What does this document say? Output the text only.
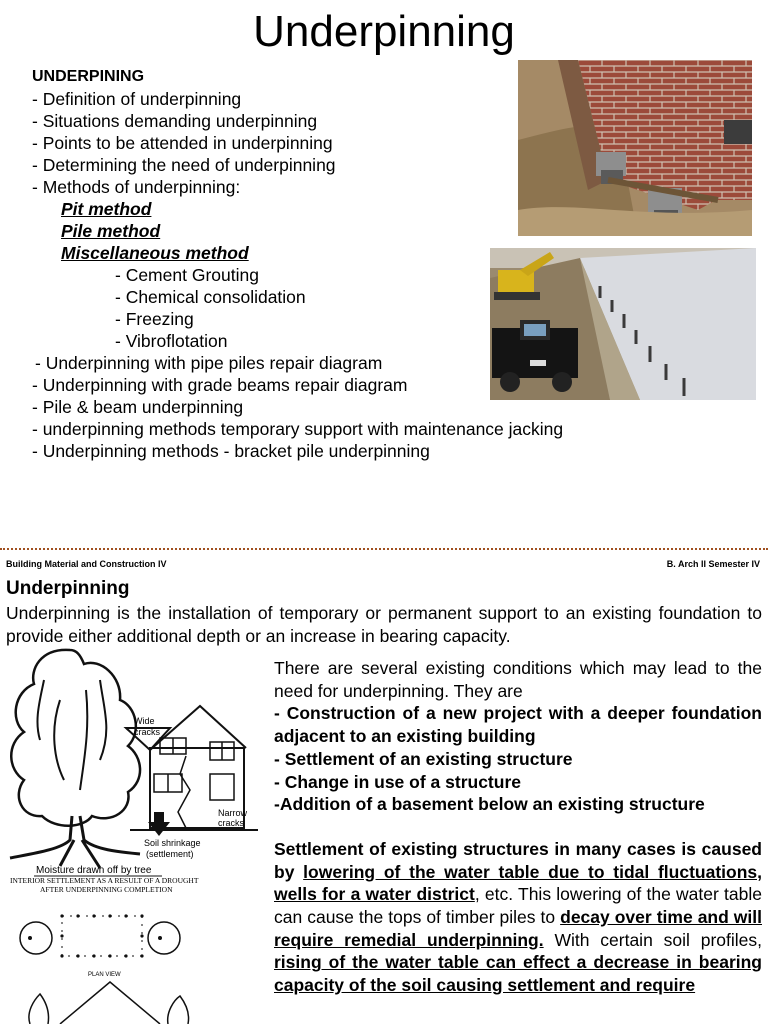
Underpinning
UNDERPINING
- Definition of underpinning
- Situations demanding underpinning
- Points to be attended in underpinning
- Determining the need of underpinning
- Methods of underpinning:
Pit method
Pile method
Miscellaneous method
- Cement Grouting
- Chemical consolidation
- Freezing
- Vibroflotation
- Underpinning with pipe piles repair diagram
- Underpinning with grade beams repair diagram
- Pile & beam underpinning
- underpinning methods temporary support with maintenance jacking
- Underpinning methods - bracket pile underpinning
Building Material and Construction IV	B. Arch II Semester IV
Underpinning
Underpinning is the installation of temporary or permanent support to an existing foundation to provide either additional depth or an increase in bearing capacity.
Wide
cracks
Narrow
cracks
Soil shrinkage
(settlement)
Moisture drawn off by tree
INTERIOR SETTLEMENT AS A RESULT OF A DROUGHT
AFTER UNDERPINNING COMPLETION
PLAN VIEW
There are several existing conditions which may lead to the need for underpinning. They are
- Construction of a new project with a deeper foundation adjacent to an existing building
- Settlement of an existing structure
- Change in use of a structure
-Addition of a basement below an existing structure
Settlement of existing structures in many cases is caused by lowering of the water table due to tidal fluctuations, wells for a water district, etc. This lowering of the water table can cause the tops of timber piles to decay over time and will require remedial underpinning. With certain soil profiles, rising of the water table can effect a decrease in bearing capacity of the soil causing settlement and require
